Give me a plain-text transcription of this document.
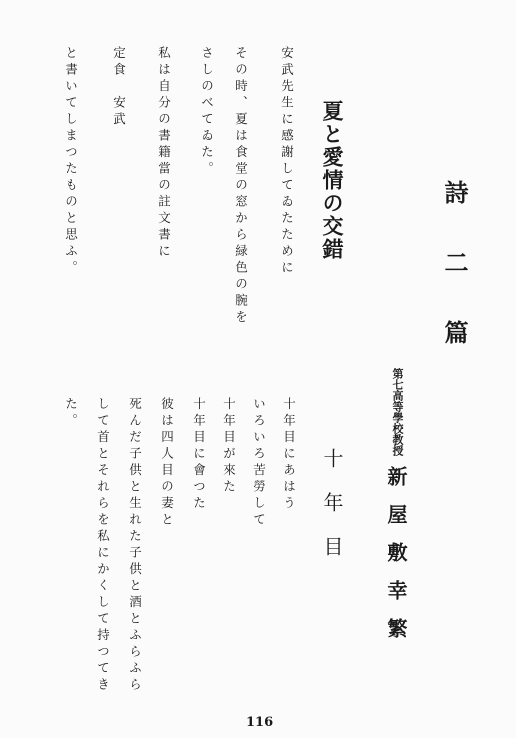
詩二篇
夏と愛情の交錯
安武先生に感謝してゐたために
その時、夏は食堂の窓から緑色の腕を
さしのべてゐた。
私は自分の書籍當の註文書に
定食　安武
と書いてしまつたものと思ふ。
第七高等學校教授
新屋敷幸繁
十年目
十年目にあはう
いろいろ苦勞して
十年目が來た
十年目に會つた
彼は四人目の妻と
死んだ子供と生れた子供と酒とふらふら
して首とそれらを私にかくして持つてき
た。
116
